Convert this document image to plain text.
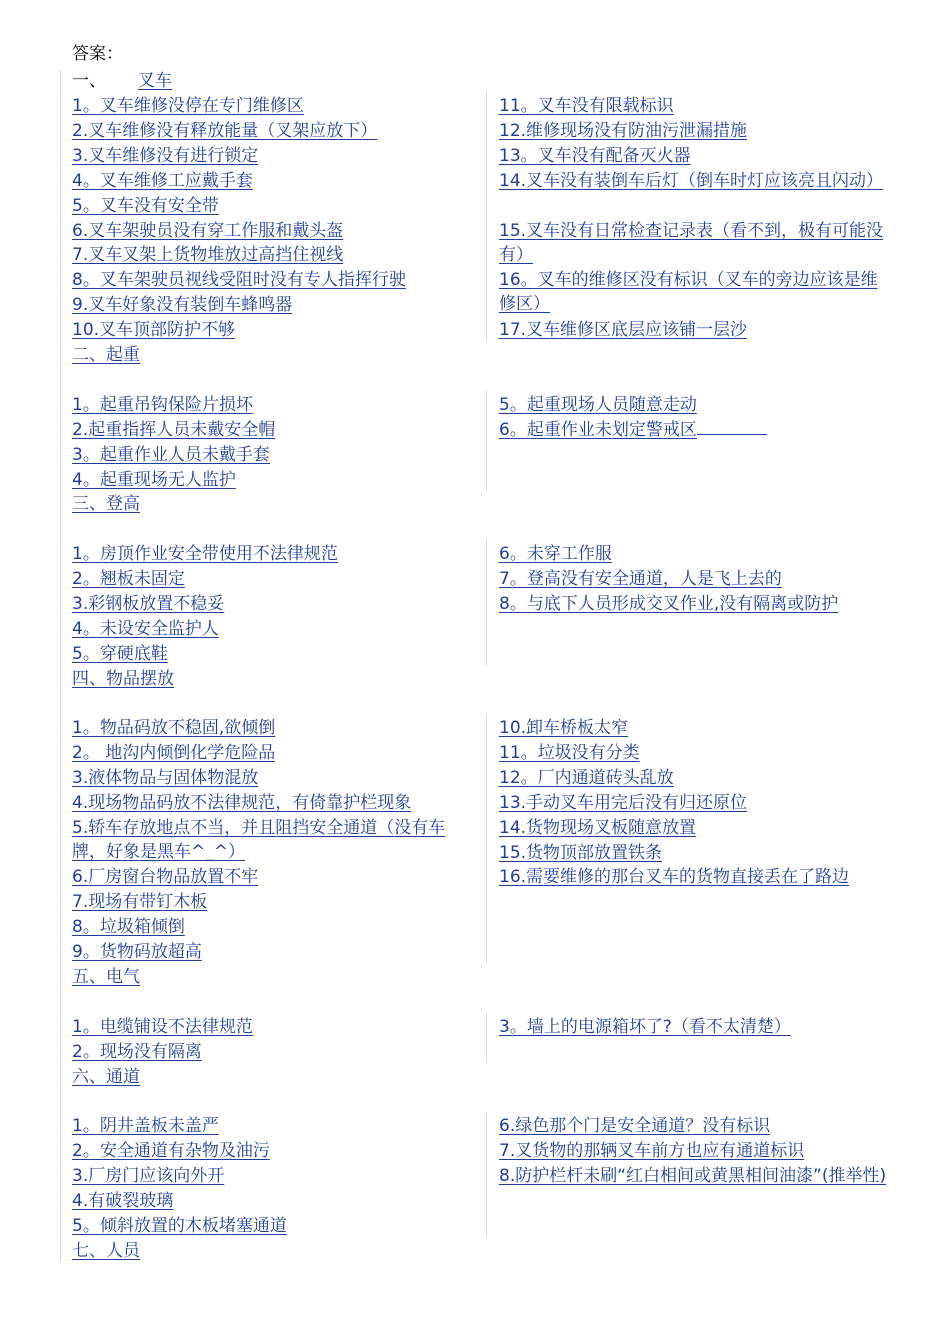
答案：
一、 叉车
1。叉车维修没停在专门维修区
2.叉车维修没有释放能量（叉架应放下）
3.叉车维修没有进行锁定
4。叉车维修工应戴手套
5。叉车没有安全带
6.叉车架驶员没有穿工作服和戴头盔
7.叉车叉架上货物堆放过高挡住视线
8。叉车架驶员视线受阻时没有专人指挥行驶
9.叉车好象没有装倒车蜂鸣器
10.叉车顶部防护不够
11。叉车没有限载标识
12.维修现场没有防油污泄漏措施
13。叉车没有配备灭火器
14.叉车没有装倒车后灯（倒车时灯应该亮且闪动）
15.叉车没有日常检查记录表（看不到，极有可能没有）
16。叉车的维修区没有标识（叉车的旁边应该是维修区）
17.叉车维修区底层应该铺一层沙
二、起重
1。起重吊钩保险片损坏
2.起重指挥人员未戴安全帽
3。起重作业人员未戴手套
4。起重现场无人监护
5。起重现场人员随意走动
6。起重作业未划定警戒区
三、登高
1。房顶作业安全带使用不法律规范
2。翘板未固定
3.彩钢板放置不稳妥
4。未设安全监护人
5。穿硬底鞋
6。未穿工作服
7。登高没有安全通道，人是飞上去的
8。与底下人员形成交叉作业,没有隔离或防护
四、物品摆放
1。物品码放不稳固,欲倾倒
2。 地沟内倾倒化学危险品
3.液体物品与固体物混放
4.现场物品码放不法律规范，有倚靠护栏现象
5.轿车存放地点不当，并且阻挡安全通道（没有车牌，好象是黑车^_^）
6.厂房窗台物品放置不牢
7.现场有带钉木板
8。垃圾箱倾倒
9。货物码放超高
10.卸车桥板太窄
11。垃圾没有分类
12。厂内通道砖头乱放
13.手动叉车用完后没有归还原位
14.货物现场叉板随意放置
15.货物顶部放置铁条
16.需要维修的那台叉车的货物直接丢在了路边
五、电气
1。电缆铺设不法律规范
2。现场没有隔离
3。墙上的电源箱坏了?（看不太清楚）
六、通道
1。阴井盖板未盖严
2。安全通道有杂物及油污
3.厂房门应该向外开
4.有破裂玻璃
5。倾斜放置的木板堵塞通道
6.绿色那个门是安全通道？没有标识
7.叉货物的那辆叉车前方也应有通道标识
8.防护栏杆未刷“红白相间或黄黑相间油漆”(推举性)
七、人员
